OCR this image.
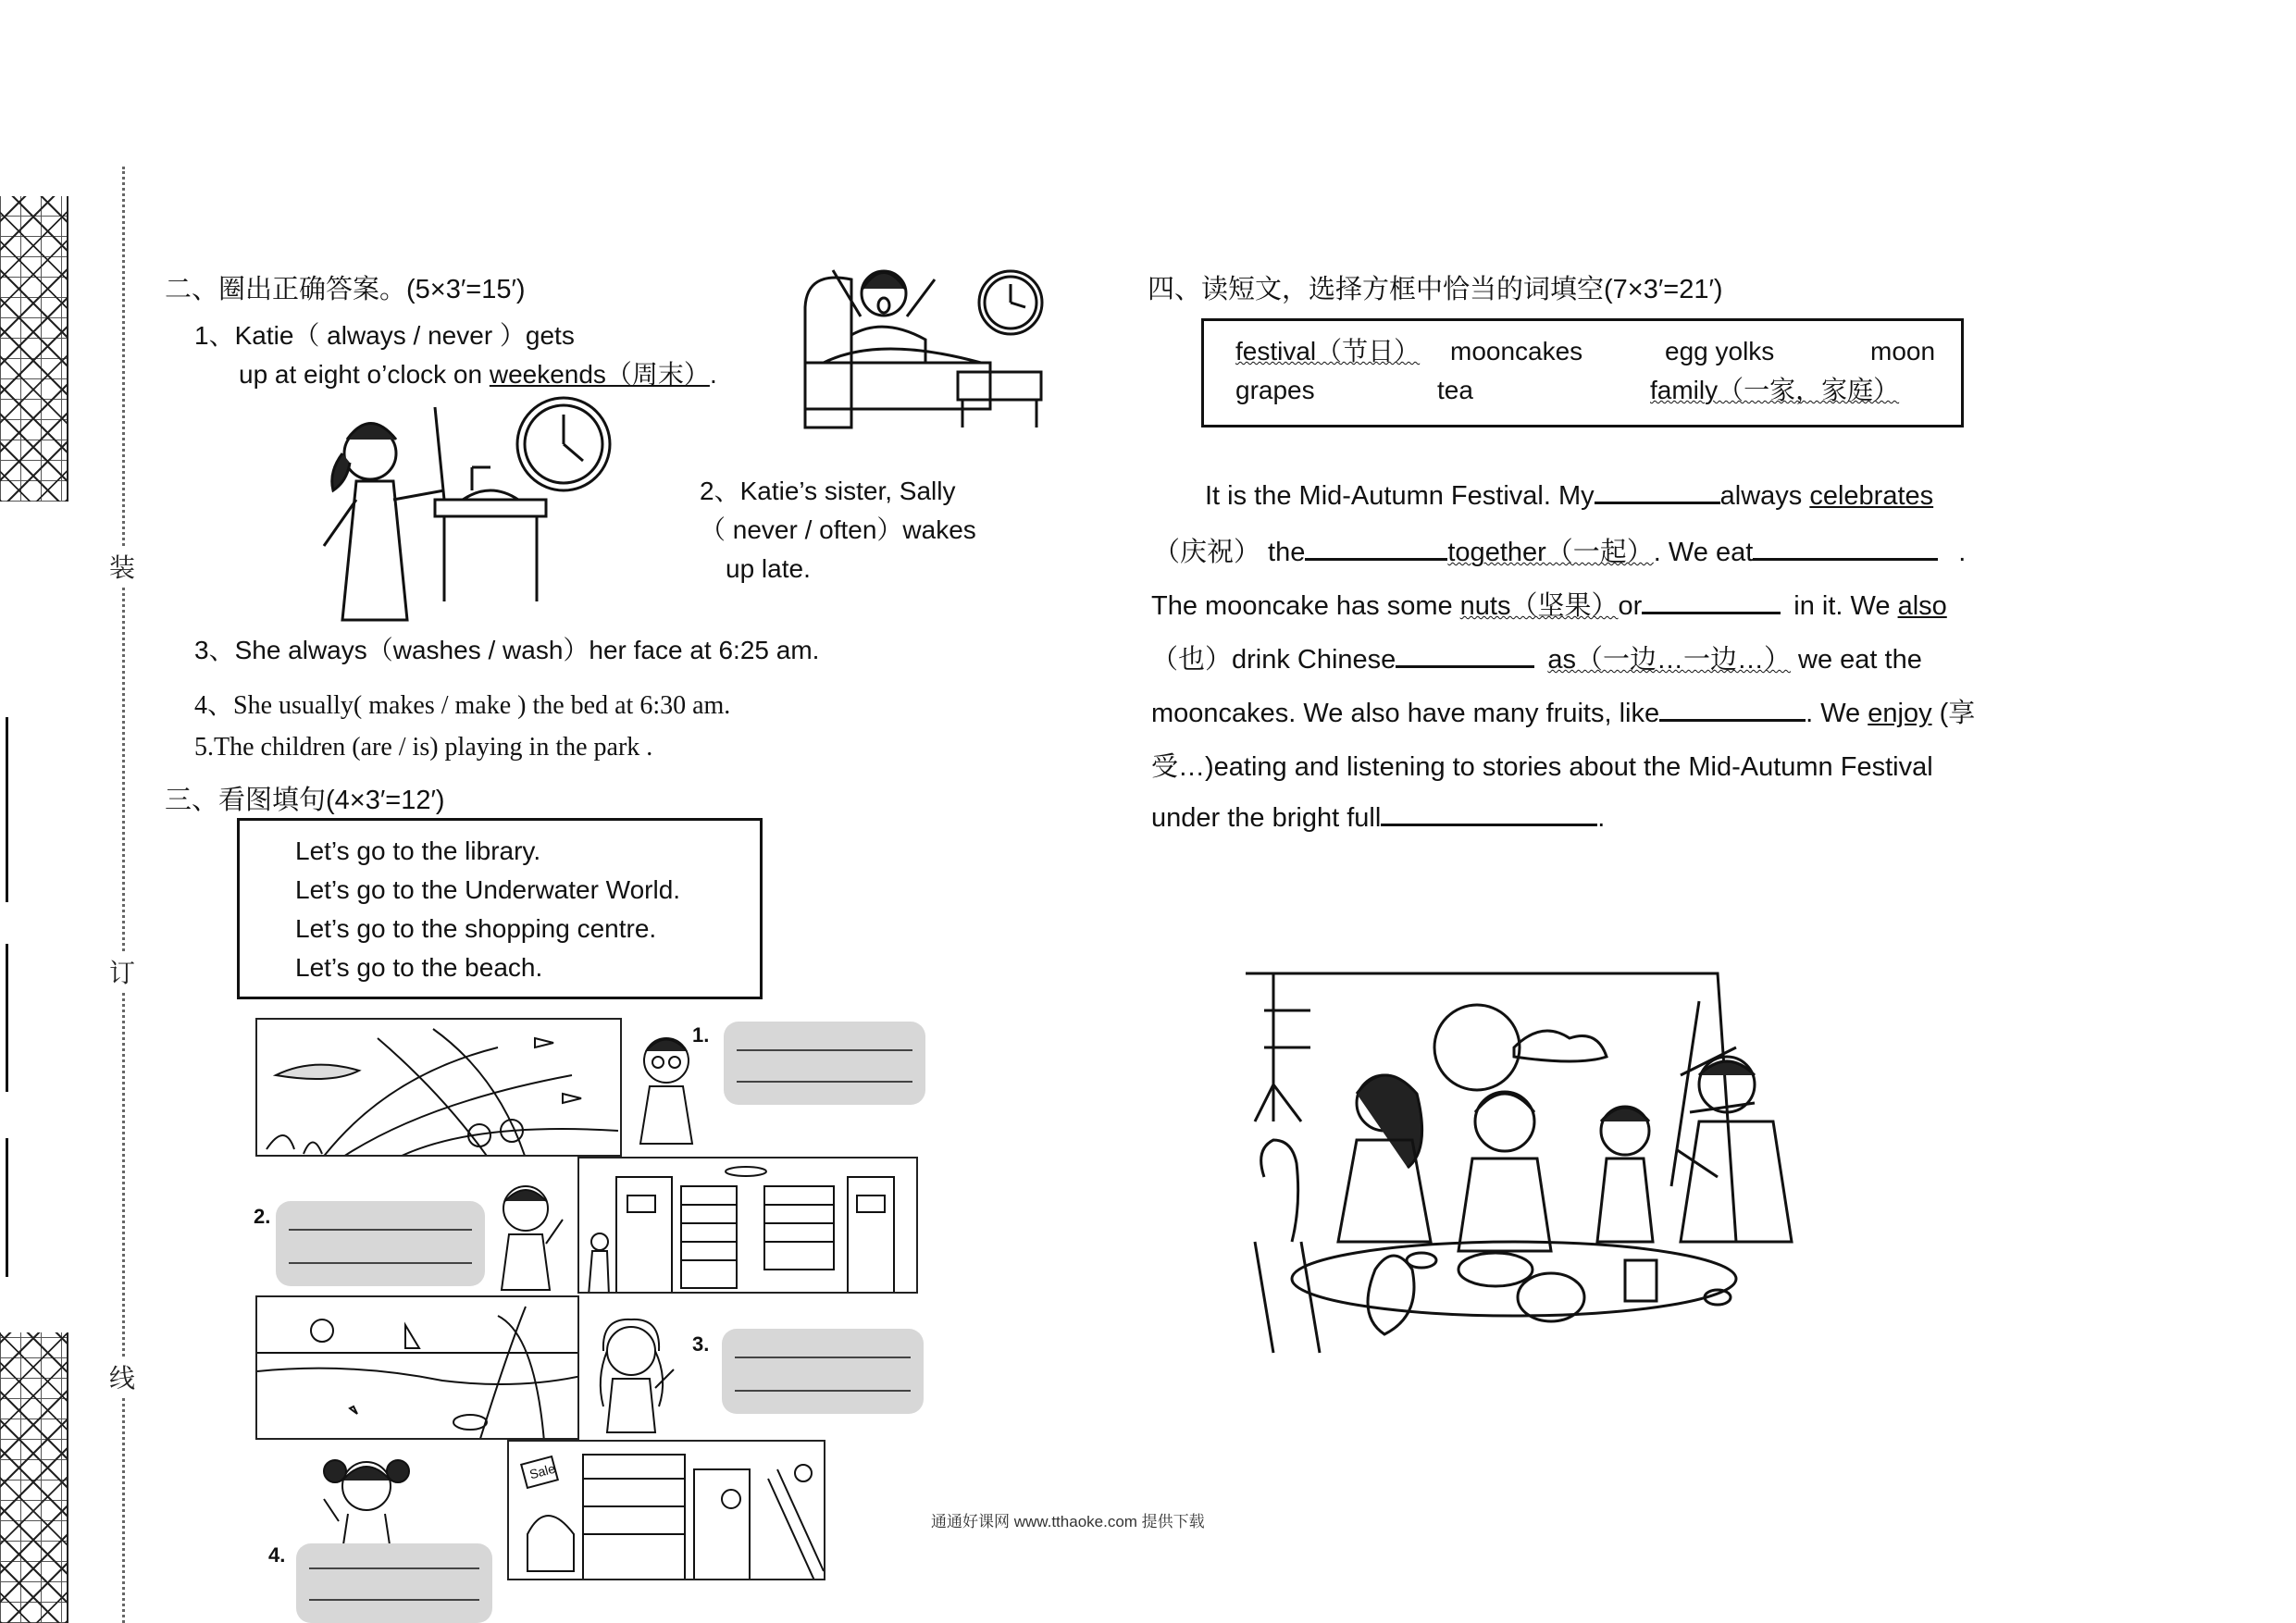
装
订
线
二、圈出正确答案。(5×3′=15′)
1、Katie（ always / never ）gets
up at eight o’clock on weekends（周末）.
2、Katie’s sister, Sally
（ never / often）wakes
up late.
3、She always（washes / wash）her face at 6:25 am.
4、She usually( makes / make ) the bed at 6:30 am.
5.The children (are / is) playing in the park .
三、看图填句(4×3′=12′)
Let’s go to the library.
Let’s go to the Underwater World.
Let’s go to the shopping centre.
Let’s go to the beach.
1.
2.
3.
Sale
4.
通通好课网 www.tthaoke.com 提供下载
四、读短文，选择方框中恰当的词填空(7×3′=21′)
festival（节日） mooncakes	egg yolks	moon
grapes	tea	family（一家，家庭）
It is the Mid-Autumn Festival. My	always celebrates
（庆祝） the	together（一起）. We eat	.
The mooncake has some nuts（坚果）or	in it. We also
（也）drink Chinese	as（一边…一边…） we eat the
mooncakes. We also have many fruits, like	. We enjoy (享
受…)eating and listening to stories about the Mid-Autumn Festival
under the bright full	.
